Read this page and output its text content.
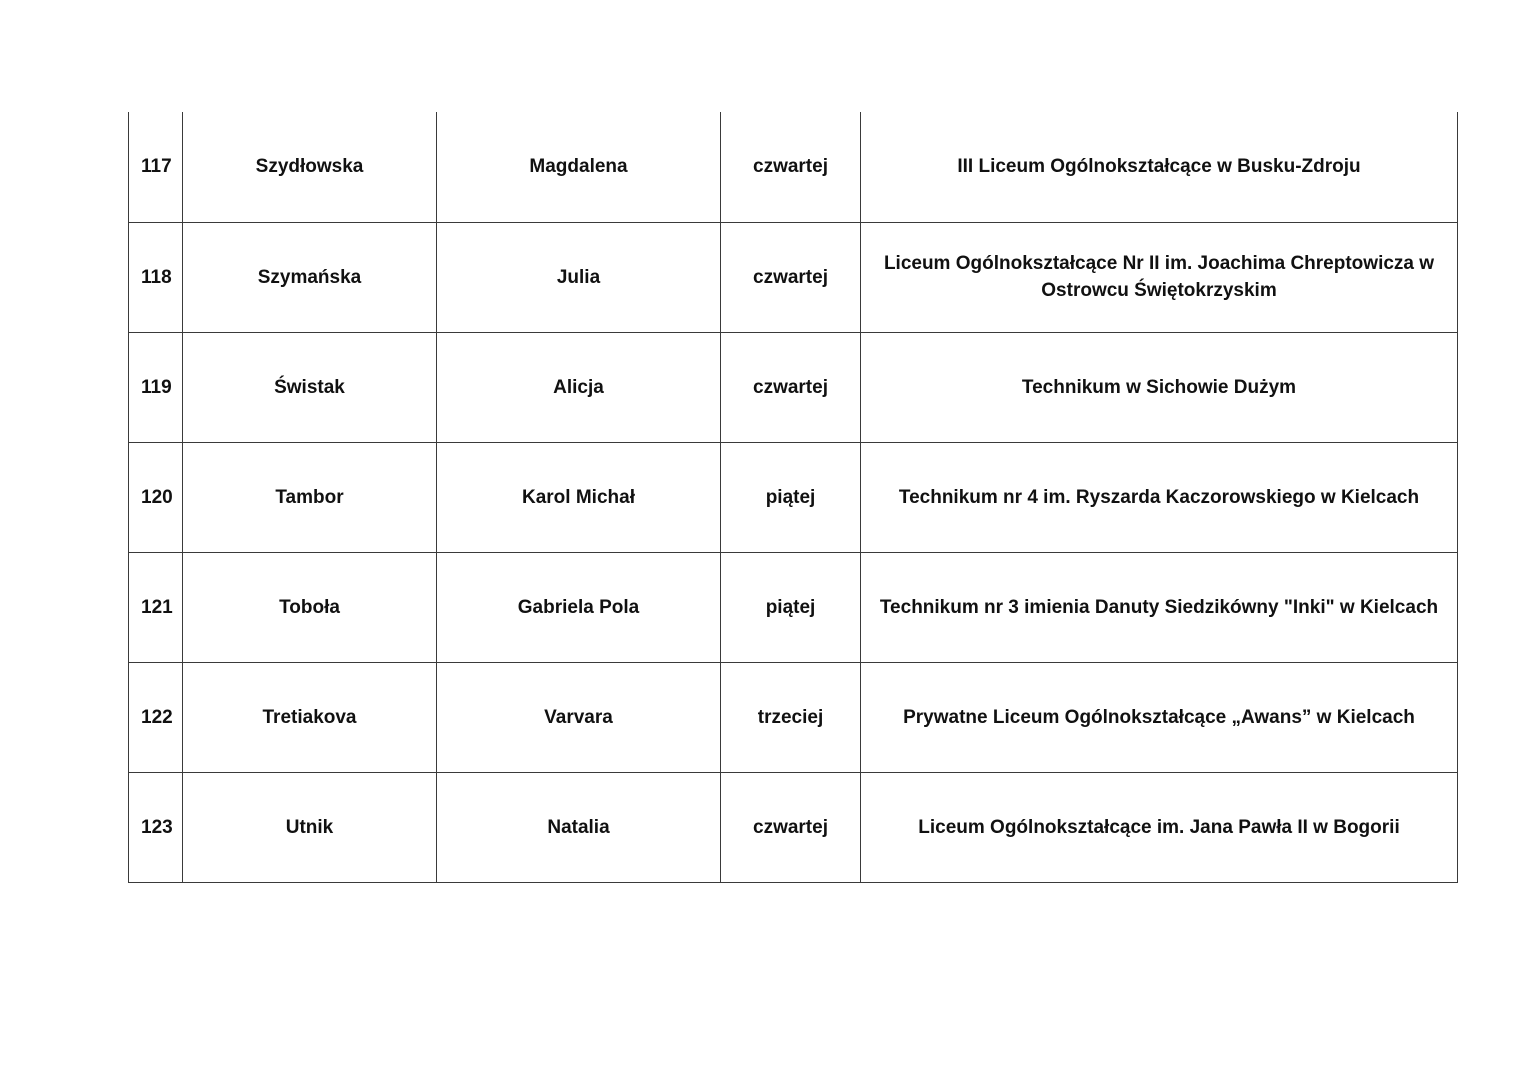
117	Szydłowska	Magdalena	czwartej	III Liceum Ogólnokształcące w Busku-Zdroju
118	Szymańska	Julia	czwartej	Liceum Ogólnokształcące Nr II im. Joachima Chreptowicza w Ostrowcu Świętokrzyskim
119	Świstak	Alicja	czwartej	Technikum w Sichowie Dużym
120	Tambor	Karol Michał	piątej	Technikum nr 4 im. Ryszarda Kaczorowskiego w Kielcach
121	Toboła	Gabriela Pola	piątej	Technikum nr 3 imienia Danuty Siedzikówny "Inki" w Kielcach
122	Tretiakova	Varvara	trzeciej	Prywatne Liceum Ogólnokształcące „Awans” w Kielcach
123	Utnik	Natalia	czwartej	Liceum Ogólnokształcące im. Jana Pawła II w Bogorii
